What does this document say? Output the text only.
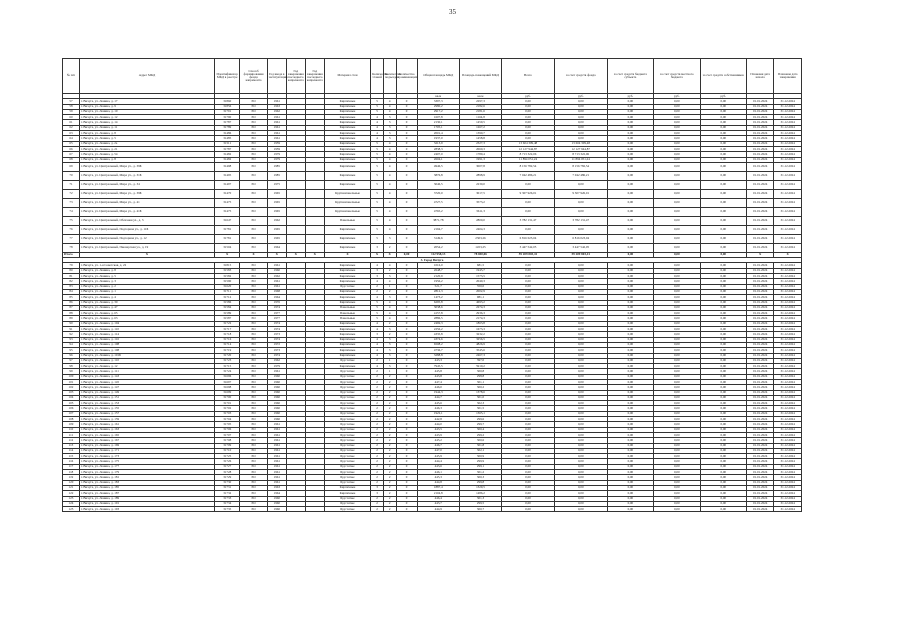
35
№ п/п	Адрес МКД	Идентификатор МКД в реестре	Способ формирования фонда капремонта	Год ввода в эксплуатацию	Год завершения последнего капремонта	Год завершения последнего капремонта	Материал стен	Количество этажей	Количество подъездов	Количество проживающих	Общая площадь МКД	Площадь помещений МКД	Всего	за счет средств фонда	за счет средств бюджета субъекта	за счет средств местного бюджета	за счет средств собственников	Плановая дата начала	Плановая дата завершения
											кв.м	кв.м	руб.	руб.	руб.	руб.	руб.		
57	г. Вичуга, ул. Ленина, д. 17	31860	РО	1961			Кирпичные	5	4	0	3397,3	2297,3	0,00	0,00	0,00	0,00	0,00	01.01.2024	31.12.2024
58	г. Вичуга, ул. Ленина, д. 9	31856	РО	1963			Кирпичные	5	4	0	2980,2	2182,6	0,00	0,00	0,00	0,00	0,00	01.01.2024	31.12.2024
59	г. Вичуга, ул. Ленина, д. 10	31791	РО	1962			Кирпичные	5	4	0	2917,2	2181,6	0,00	0,00	0,00	0,00	0,00	01.01.2024	31.12.2024
60	г. Вичуга, ул. Ленина, д. 12	31790	РО	1961			Кирпичные	4	3	0	1607,8	1164,8	0,00	0,00	0,00	0,00	0,00	01.01.2024	31.12.2024
61	г. Вичуга, ул. Ленина, д. 14	31787	РО	1961			Кирпичные	4	3	0	2130,1	1459,5	0,00	0,00	0,00	0,00	0,00	01.01.2024	31.12.2024
62	г. Вичуга, ул. Ленина, д. 11	31789	РО	1961			Кирпичные	4	3	0	1705,1	1267,2	0,00	0,00	0,00	0,00	0,00	01.01.2024	31.12.2024
63	г. Вичуга, ул. Ленина, д. 8	31486	РО	1961			Кирпичные	4	3	0	2001,4	1390,7	0,00	0,00	0,00	0,00	0,00	01.01.2024	31.12.2024
64	г. Вичуга, ул. Ленина, д. 5	31485	РО	1961			Кирпичные	4	3	0	1937,0	1458,8	0,00	0,00	0,00	0,00	0,00	01.01.2024	31.12.2024
65	г. Вичуга, ул. Ленина, д. 2а	31511	РО	1959			Кирпичные	5	4	0	3213,9	2327,3	13 604 309,48	13 604 309,48	0,00	0,00	0,00	01.01.2024	31.12.2024
66	г. Вичуга, ул. Ленина, д. 21	31787	РО	1959			Кирпичные	5	4	0	2838,3	2060,3	12 127 944,87	12 127 944,87	0,00	0,00	0,00	01.01.2024	31.12.2024
67	г. Вичуга, ул. Ленина, д. 54	31482	РО	1979			Кирпичные	5	4	0	2407,0	1789,4	8 713 322,06	8 713 322,06	0,00	0,00	0,00	01.01.2024	31.12.2024
68	г. Вичуга, ул. Ленина, д. 8	31482	РО	1979			Кирпичные	5	4	0	2604,1	1991,3	11 894 051,24	11 894 051,24	0,00	0,00	0,00	01.01.2024	31.12.2024
69	г. Вичуга, ул. Центральный, Мира ул., д. 39Б	31498	РО	1985			Кирпичные	5	4	0	4946,5	3007,8	8 156 782,54	8 156 782,54	0,00	0,00	0,00	01.01.2024	31.12.2024
70	г. Вичуга, ул. Центральный, Мира ул., д. 31Б	31495	РО	1985			Кирпичные	5	4	0	3876,8	2898,9	7 042 486,21	7 042 486,21	0,00	0,00	0,00	01.01.2024	31.12.2024
71	г. Вичуга, ул. Центральный, Мира ул., д. 34	31497	РО	1975			Кирпичные	5	4	0	3046,5	2230,0	0,00	0,00	0,00	0,00	0,00	01.01.2024	31.12.2024
72	г. Вичуга, ул. Центральный, Мира ул., д. 39Б	31470	РО	1965			Крупнопанельные	5	4	0	3720,0	3017,5	9 307 926,01	9 307 926,01	0,00	0,00	0,00	01.01.2024	31.12.2024
73	г. Вичуга, ул. Центральный, Мира ул., д. 41	31475	РО	1965			Крупнопанельные	5	4	0	4727,5	3573,2	0,00	0,00	0,00	0,00	0,00	01.01.2024	31.12.2024
74	г. Вичуга, ул. Центральный, Мира ул., д. 41Б	31475	РО	1965			Крупнопанельные	5	4	0	4765,2	3611,3	0,00	0,00	0,00	0,00	0,00	01.01.2024	31.12.2024
75	г. Вичуга, ул. Центральный, Облачная ул., д. 3	31647	РО	1962			Панельные	5	4	0	3871,78	2800,0	3 782 131,47	3 782 131,47	0,00	0,00	0,00	01.01.2024	31.12.2024
76	г. Вичуга, ул. Центральный, Подгорная ул., д. 11Б	31781	РО	1965			Кирпичные	5	4	0	2194,7	2404,3	0,00	0,00	0,00	0,00	0,00	01.01.2024	31.12.2024
77	г. Вичуга, ул. Центральный, Подгорная ул., д. 12	31781	РО	1965			Кирпичные	5	3	0	3149,6	2303,26	6 816 023,04	6 816 023,04	0,00	0,00	0,00	01.01.2024	31.12.2024
78	г. Вичуга, ул. Центральный, Пионерская ул., д. 19	31504	РО	1964			Кирпичные	3	2	0	2054,2	1453,25	3 447 542,05	3 447 542,05	0,00	0,00	0,00	01.01.2024	31.12.2024
Итого	Х	Х	Х	Х	Х	Х	Х	Х	Х	0,00	112 958,13	78 690,06	59 209 803,41	59 209 803,41	0,00	0,00	0,00	Х	Х
3. Город Вичуга																			
79	г. Вичуга, ул. 1-я Советская, д. 22	31815	РО	1961			Кирпичные	4	4	0	1016,0	681,5	0,00	0,00	0,00	0,00	0,00	01.01.2024	31.12.2024
80	г. Вичуга, ул. Ленина, д. 8	31583	РО	1960			Кирпичные	3	2	0	2648,7	1945,7	0,00	0,00	0,00	0,00	0,00	01.01.2024	31.12.2024
81	г. Вичуга, ул. Ленина, д. 5	31582	РО	1962			Кирпичные	3	3	0	2120,9	1573,5	0,00	0,00	0,00	0,00	0,00	01.01.2024	31.12.2024
82	г. Вичуга, ул. Ленина, д. 3	31590	РО	1961			Кирпичные	4	4	0	1956,2	2040,3	0,00	0,00	0,00	0,00	0,00	01.01.2024	31.12.2024
83	г. Вичуга, ул. Ленина, д. 2	31620	РО	1961			Брусчатые	2	1	0	521,7	350,0	0,00	0,00	0,00	0,00	0,00	01.01.2024	31.12.2024
84	г. Вичуга, ул. Ленина, д. 1	31711	РО	1968			Кирпичные	2	2	0	2812,3	2002,9	0,00	0,00	0,00	0,00	0,00	01.01.2024	31.12.2024
85	г. Вичуга, ул. Ленина, д. 4	31712	РО	1964			Кирпичные	4	3	0	1473,2	981,1	0,00	0,00	0,00	0,00	0,00	01.01.2024	31.12.2024
86	г. Вичуга, ул. Ленина, д. 30	31586	РО	1976			Кирпичные	5	4	0	6295,8	4693,2	0,00	0,00	0,00	0,00	0,00	01.01.2024	31.12.2024
87	г. Вичуга, ул. Ленина, д. 47	31584	РО	1974			Панельные	5	4	0	3038,6	2274,3	0,00	0,00	0,00	0,00	0,00	01.01.2024	31.12.2024
88	г. Вичуга, ул. Ленина, д. 65	31589	РО	1977			Панельные	5	4	0	4157,8	2936,3	0,00	0,00	0,00	0,00	0,00	01.01.2024	31.12.2024
89	г. Вичуга, ул. Ленина, д. 63	31587	РО	1977			Панельные	5	4	0	2886,5	2174,3	0,00	0,00	0,00	0,00	0,00	01.01.2024	31.12.2024
90	г. Вичуга, ул. Ленина, д. 104	31722	РО	1974			Кирпичные	4	2	0	2469,3	1863,8	0,00	0,00	0,00	0,00	0,00	01.01.2024	31.12.2024
91	г. Вичуга, ул. Ленина, д. 110	31717	РО	1974			Кирпичные	4	3	0	2256,2	1673,3	0,00	0,00	0,00	0,00	0,00	01.01.2024	31.12.2024
92	г. Вичуга, ул. Ленина, д. 114	31718	РО	1973			Кирпичные	3	2	0	4335,8	3232,2	0,00	0,00	0,00	0,00	0,00	01.01.2024	31.12.2024
93	г. Вичуга, ул. Ленина, д. 116	31716	РО	1974			Кирпичные	4	3	0	4374,6	3256,5	0,00	0,00	0,00	0,00	0,00	01.01.2024	31.12.2024
94	г. Вичуга, ул. Ленина, д. 108	31714	РО	1972			Кирпичные	4	3	0	6508,2	4826,9	0,00	0,00	0,00	0,00	0,00	01.01.2024	31.12.2024
95	г. Вичуга, ул. Ленина, д. 108	31719	РО	1973			Кирпичные	4	3	0	4736,7	3545,6	0,00	0,00	0,00	0,00	0,00	01.01.2024	31.12.2024
96	г. Вичуга, ул. Ленина, д. 101Б	31720	РО	1974			Кирпичные	4	3	0	3288,8	2467,3	0,00	0,00	0,00	0,00	0,00	01.01.2024	31.12.2024
97	г. Вичуга, ул. Ленина, д. 110	31723	РО	1962			Брусчатые	2	1	0	443,3	397,0	0,00	0,00	0,00	0,00	0,00	01.01.2024	31.12.2024
98	г. Вичуга, ул. Ленина, д. 12	31715	РО	1979			Кирпичные	4	3	0	7945,5	5910,2	0,00	0,00	0,00	0,00	0,00	01.01.2024	31.12.2024
99	г. Вичуга, ул. Ленина, д. 111	31724	РО	1961			Брусчатые	2	1	0	445,8	300,8	0,00	0,00	0,00	0,00	0,00	01.01.2024	31.12.2024
100	г. Вичуга, ул. Ленина, д. 143	31696	РО	1960			Брусчатые	2	2	0	443,8	298,8	0,00	0,00	0,00	0,00	0,00	01.01.2024	31.12.2024
101	г. Вичуга, ул. Ленина, д. 145	31697	РО	1960			Брусчатые	2	2	0	447,4	301,1	0,00	0,00	0,00	0,00	0,00	01.01.2024	31.12.2024
102	г. Вичуга, ул. Ленина, д. 147	31698	РО	1960			Брусчатые	2	2	0	446,0	300,2	0,00	0,00	0,00	0,00	0,00	01.01.2024	31.12.2024
103	г. Вичуга, ул. Ленина, д. 149	31699	РО	1960			Брусчатые	2	2	0	1944,3	1378,6	0,00	0,00	0,00	0,00	0,00	01.01.2024	31.12.2024
104	г. Вичуга, ул. Ленина, д. 151	31700	РО	1960			Брусчатые	2	2	0	444,7	301,0	0,00	0,00	0,00	0,00	0,00	01.01.2024	31.12.2024
105	г. Вичуга, ул. Ленина, д. 153	31701	РО	1960			Брусчатые	2	2	0	445,6	302,3	0,00	0,00	0,00	0,00	0,00	01.01.2024	31.12.2024
106	г. Вичуга, ул. Ленина, д. 155	31702	РО	1960			Брусчатые	2	2	0	446,3	301,5	0,00	0,00	0,00	0,00	0,00	01.01.2024	31.12.2024
107	г. Вичуга, ул. Ленина, д. 157	31703	РО	1960			Брусчатые	2	2	0	1922,1	1365,1	0,00	0,00	0,00	0,00	0,00	01.01.2024	31.12.2024
108	г. Вичуга, ул. Ленина, д. 159	31704	РО	1960			Брусчатые	2	2	0	442,8	299,6	0,00	0,00	0,00	0,00	0,00	01.01.2024	31.12.2024
109	г. Вичуга, ул. Ленина, д. 161	31705	РО	1961			Брусчатые	2	2	0	444,0	299,7	0,00	0,00	0,00	0,00	0,00	01.01.2024	31.12.2024
110	г. Вичуга, ул. Ленина, д. 163	31706	РО	1961			Брусчатые	2	2	0	443,5	300,4	0,00	0,00	0,00	0,00	0,00	01.01.2024	31.12.2024
111	г. Вичуга, ул. Ленина, д. 165	31707	РО	1961			Брусчатые	2	2	0	443,9	299,2	0,00	0,00	0,00	0,00	0,00	01.01.2024	31.12.2024
112	г. Вичуга, ул. Ленина, д. 167	31708	РО	1961			Брусчатые	2	2	0	445,2	300,6	0,00	0,00	0,00	0,00	0,00	01.01.2024	31.12.2024
113	г. Вичуга, ул. Ленина, д. 169	31709	РО	1961			Брусчатые	2	2	0	446,7	301,8	0,00	0,00	0,00	0,00	0,00	01.01.2024	31.12.2024
114	г. Вичуга, ул. Ленина, д. 171	31710	РО	1961			Брусчатые	2	2	0	447,0	302,1	0,00	0,00	0,00	0,00	0,00	01.01.2024	31.12.2024
115	г. Вичуга, ул. Ленина, д. 173	31725	РО	1961			Брусчатые	2	2	0	445,9	300,9	0,00	0,00	0,00	0,00	0,00	01.01.2024	31.12.2024
116	г. Вичуга, ул. Ленина, д. 175	31726	РО	1961			Брусчатые	2	2	0	444,4	299,9	0,00	0,00	0,00	0,00	0,00	01.01.2024	31.12.2024
117	г. Вичуга, ул. Ленина, д. 177	31727	РО	1961			Брусчатые	2	2	0	443,6	299,1	0,00	0,00	0,00	0,00	0,00	01.01.2024	31.12.2024
118	г. Вичуга, ул. Ленина, д. 179	31728	РО	1961			Брусчатые	2	2	0	446,1	301,2	0,00	0,00	0,00	0,00	0,00	01.01.2024	31.12.2024
119	г. Вичуга, ул. Ленина, д. 181	31729	РО	1961			Брусчатые	2	2	0	445,3	300,3	0,00	0,00	0,00	0,00	0,00	01.01.2024	31.12.2024
120	г. Вичуга, ул. Ленина, д. 183	31730	РО	1961			Брусчатые	2	2	0	444,8	299,8	0,00	0,00	0,00	0,00	0,00	01.01.2024	31.12.2024
121	г. Вичуга, ул. Ленина, д. 185	31731	РО	1963			Кирпичные	3	2	0	1887,4	1329,5	0,00	0,00	0,00	0,00	0,00	01.01.2024	31.12.2024
122	г. Вичуга, ул. Ленина, д. 187	31732	РО	1964			Кирпичные	3	2	0	2104,8	1486,2	0,00	0,00	0,00	0,00	0,00	01.01.2024	31.12.2024
123	г. Вичуга, ул. Ленина, д. 189	31733	РО	1960			Брусчатые	2	2	0	446,4	301,3	0,00	0,00	0,00	0,00	0,00	01.01.2024	31.12.2024
124	г. Вичуга, ул. Ленина, д. 191	31734	РО	1960			Брусчатые	2	2	0	443,7	299,5	0,00	0,00	0,00	0,00	0,00	01.01.2024	31.12.2024
125	г. Вичуга, ул. Ленина, д. 193	31735	РО	1960			Брусчатые	2	2	0	444,9	300,7	0,00	0,00	0,00	0,00	0,00	01.01.2024	31.12.2024
